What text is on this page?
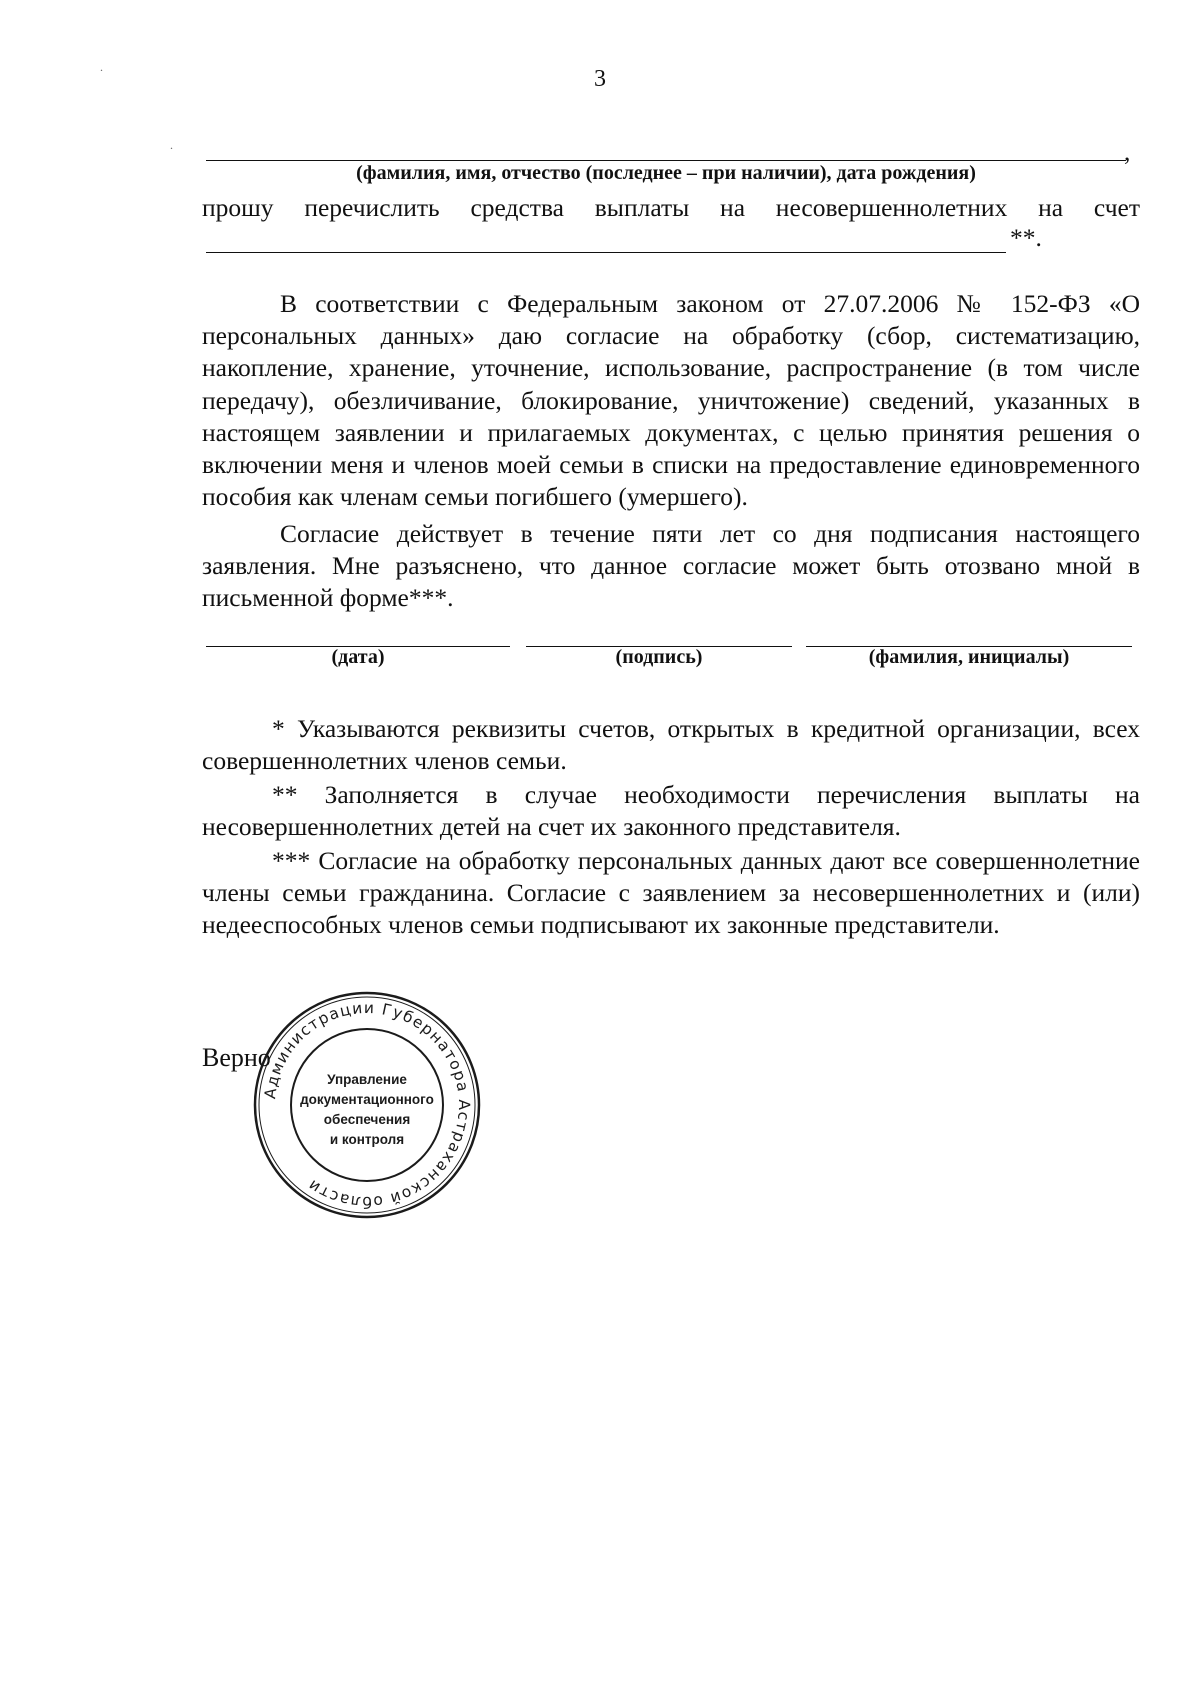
3
,
(фамилия, имя, отчество (последнее – при наличии), дата рождения)
прошу перечислить средства выплаты на несовершеннолетних на счет
**.
В соответствии с Федеральным законом от 27.07.2006 № 152-ФЗ «О персональных данных» даю согласие на обработку (сбор, систематизацию, накопление, хранение, уточнение, использование, распространение (в том числе передачу), обезличивание, блокирование, уничтожение) сведений, указанных в настоящем заявлении и прилагаемых документах, с целью принятия решения о включении меня и членов моей семьи в списки на предоставление единовременного пособия как членам семьи погибшего (умершего).
Согласие действует в течение пяти лет со дня подписания настоящего заявления. Мне разъяснено, что данное согласие может быть отозвано мной в письменной форме***.
(дата)	(подпись)	(фамилия, инициалы)
* Указываются реквизиты счетов, открытых в кредитной организации, всех совершеннолетних членов семьи.
** Заполняется в случае необходимости перечисления выплаты на несовершеннолетних детей на счет их законного представителя.
*** Согласие на обработку персональных данных дают все совершеннолетние члены семьи гражданина. Согласие с заявлением за несовершеннолетних и (или) недееспособных членов семьи подписывают их законные представители.
Верно
Администрации Губернатора Астраханской области
Управление
документационного
обеспечения
и контроля
.
.
